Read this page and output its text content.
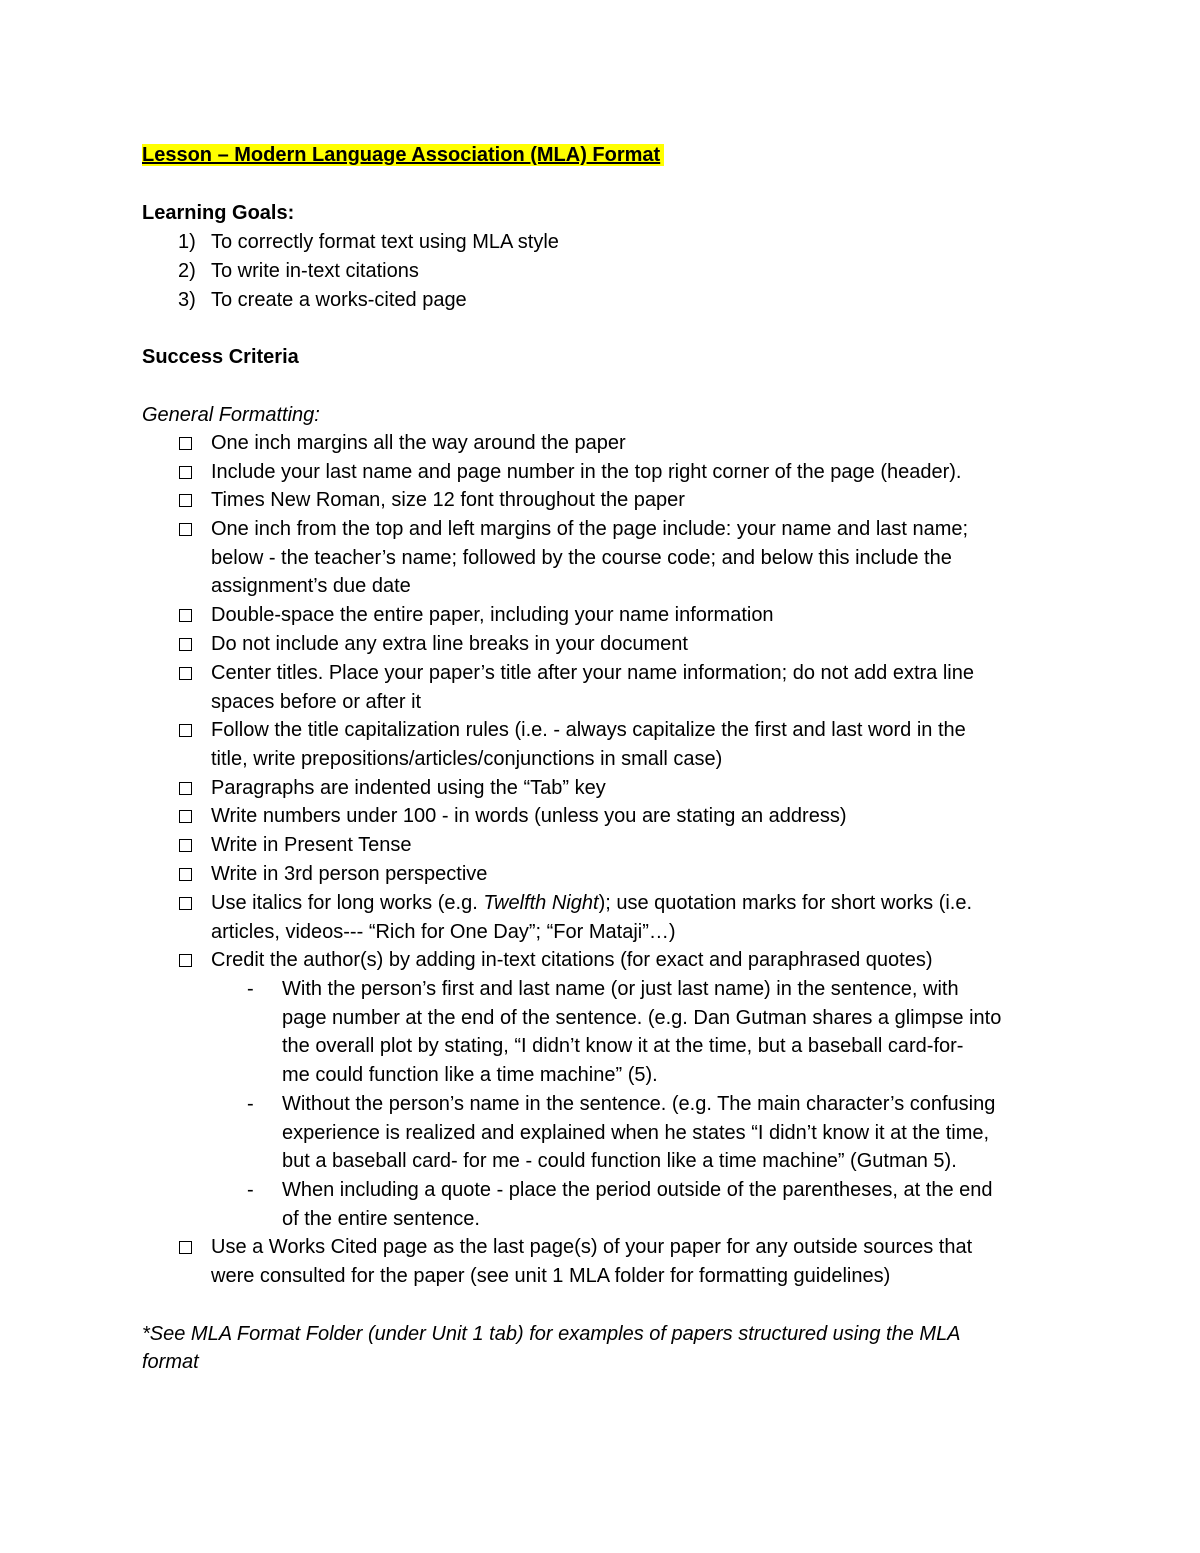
Lesson – Modern Language Association (MLA) Format
Learning Goals:
1) To correctly format text using MLA style
2) To write in-text citations
3) To create a works-cited page
Success Criteria
General Formatting:
One inch margins all the way around the paper
Include your last name and page number in the top right corner of the page (header).
Times New Roman, size 12 font throughout the paper
One inch from the top and left margins of the page include: your name and last name;
below - the teacher’s name; followed by the course code; and below this include the
assignment’s due date
Double-space the entire paper, including your name information
Do not include any extra line breaks in your document
Center titles. Place your paper’s title after your name information; do not add extra line
spaces before or after it
Follow the title capitalization rules (i.e. - always capitalize the first and last word in the
title, write prepositions/articles/conjunctions in small case)
Paragraphs are indented using the “Tab” key
Write numbers under 100 - in words (unless you are stating an address)
Write in Present Tense
Write in 3rd person perspective
Use italics for long works (e.g. Twelfth Night); use quotation marks for short works (i.e.
articles, videos--- “Rich for One Day”; “For Mataji”…)
Credit the author(s) by adding in-text citations (for exact and paraphrased quotes)
- With the person’s first and last name (or just last name) in the sentence, with
page number at the end of the sentence. (e.g. Dan Gutman shares a glimpse into
the overall plot by stating, “I didn’t know it at the time, but a baseball card-for-
me could function like a time machine” (5).
- Without the person’s name in the sentence. (e.g. The main character’s confusing
experience is realized and explained when he states “I didn’t know it at the time,
but a baseball card- for me - could function like a time machine” (Gutman 5).
- When including a quote - place the period outside of the parentheses, at the end
of the entire sentence.
Use a Works Cited page as the last page(s) of your paper for any outside sources that
were consulted for the paper (see unit 1 MLA folder for formatting guidelines)
*See MLA Format Folder (under Unit 1 tab) for examples of papers structured using the MLA
format
